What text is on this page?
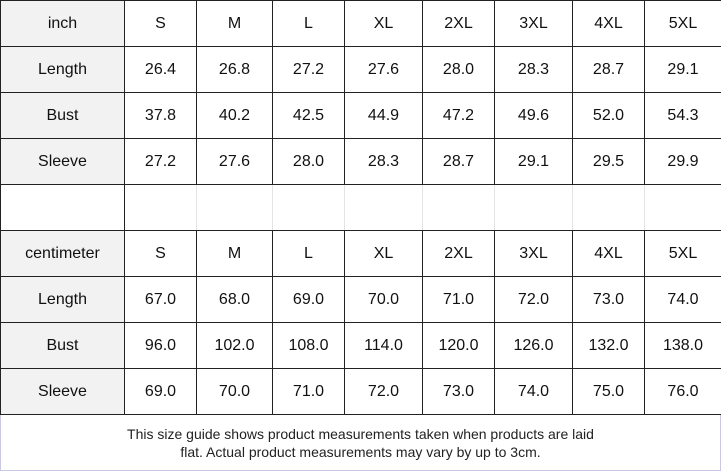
inch	S	M	L	XL	2XL	3XL	4XL	5XL
Length	26.4	26.8	27.2	27.6	28.0	28.3	28.7	29.1
Bust	37.8	40.2	42.5	44.9	47.2	49.6	52.0	54.3
Sleeve	27.2	27.6	28.0	28.3	28.7	29.1	29.5	29.9

centimeter	S	M	L	XL	2XL	3XL	4XL	5XL
Length	67.0	68.0	69.0	70.0	71.0	72.0	73.0	74.0
Bust	96.0	102.0	108.0	114.0	120.0	126.0	132.0	138.0
Sleeve	69.0	70.0	71.0	72.0	73.0	74.0	75.0	76.0
This size guide shows product measurements taken when products are laid flat. Actual product measurements may vary by up to 3cm.
